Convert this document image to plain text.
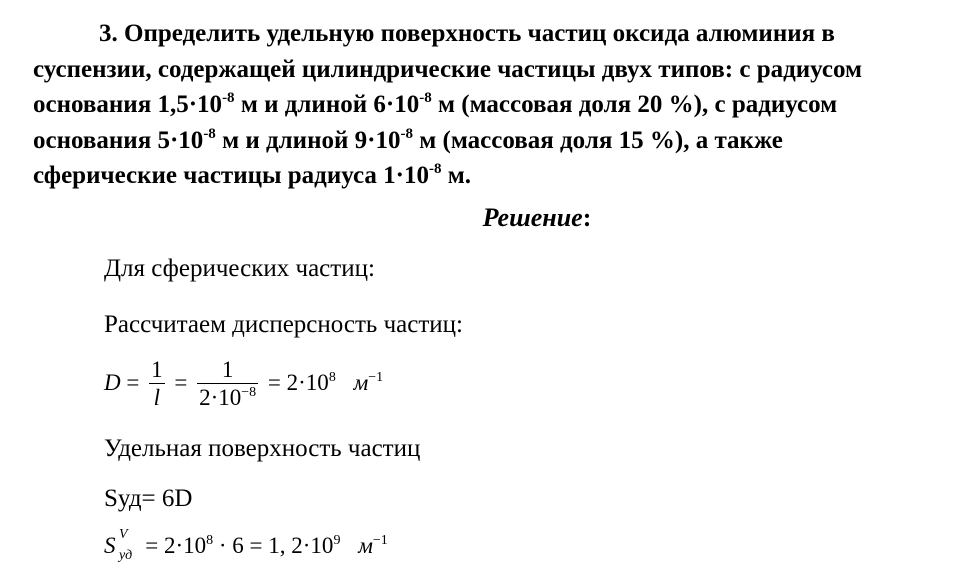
3. Определить удельную поверхность частиц оксида алюминия в
суспензии, содержащей цилиндрические частицы двух типов: с радиусом
основания $1,5\cdot 10^{-8}$ м и длиной $6\cdot 10^{-8}$ м (массовая доля 20 %), с радиусом
основания $5\cdot 10^{-8}$ м и длиной $9\cdot 10^{-8}$ м (массовая доля 15 %), а также
сферические частицы радиуса $1\cdot 10^{-8}$ м.
Решение:
Для сферических частиц:
Рассчитаем дисперсность частиц:
$D = \frac{1}{l} = \frac{1}{2\cdot 10^{-8}} = 2\cdot 10^8$ $м^{-1}$
Удельная поверхность частиц
Sуд= 6D
S V
уд = $2\cdot 10^8 \cdot 6 = 1$, $2\cdot 10^9$ $м^{-1}$
